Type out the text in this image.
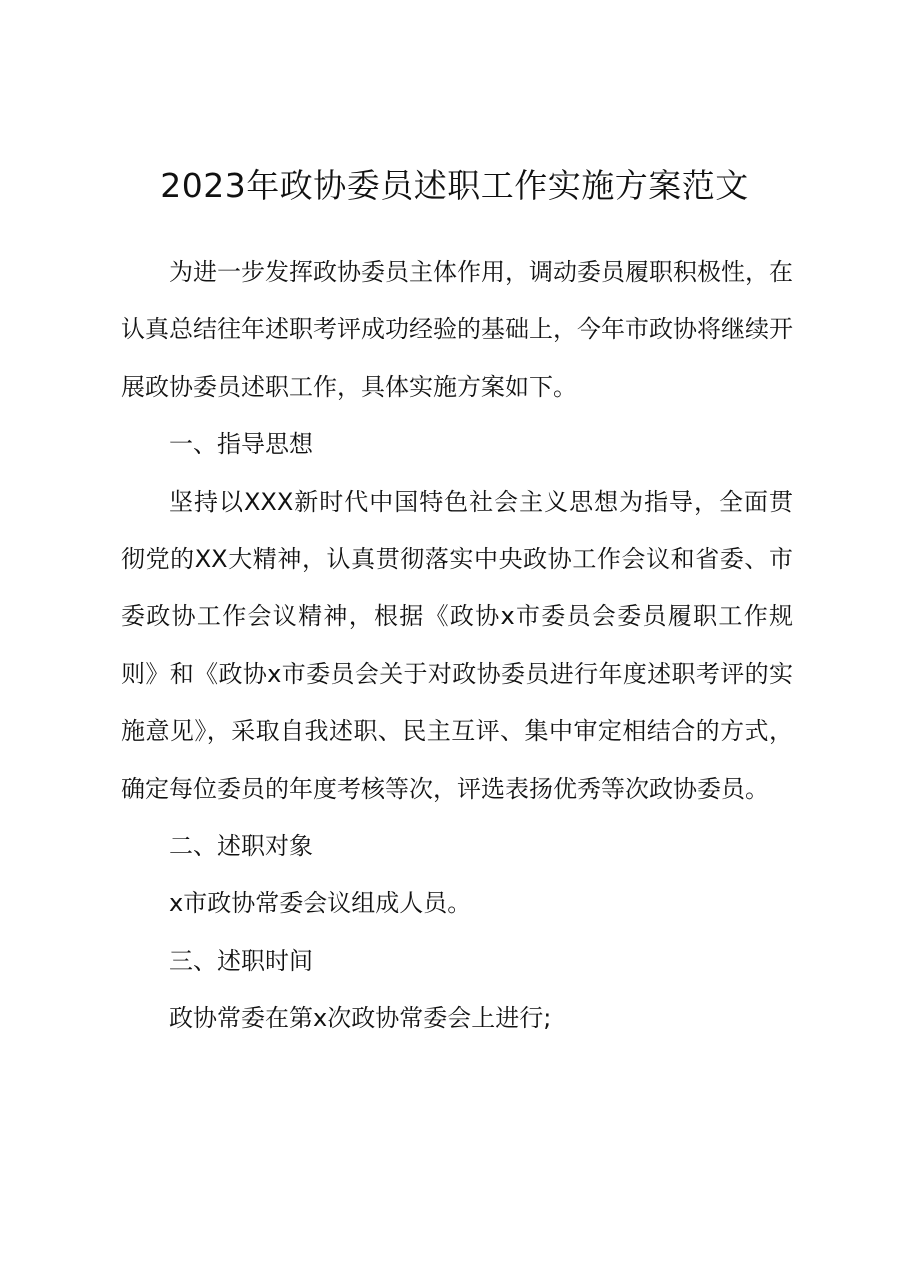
2023年政协委员述职工作实施方案范文

为进一步发挥政协委员主体作用，调动委员履职积极性，在认真总结往年述职考评成功经验的基础上，今年市政协将继续开展政协委员述职工作，具体实施方案如下。

一、指导思想

坚持以XXX新时代中国特色社会主义思想为指导，全面贯彻党的XX大精神，认真贯彻落实中央政协工作会议和省委、市委政协工作会议精神，根据《政协x市委员会委员履职工作规则》和《政协x市委员会关于对政协委员进行年度述职考评的实施意见》，采取自我述职、民主互评、集中审定相结合的方式，确定每位委员的年度考核等次，评选表扬优秀等次政协委员。

二、述职对象

x市政协常委会议组成人员。

三、述职时间

政协常委在第x次政协常委会上进行;
